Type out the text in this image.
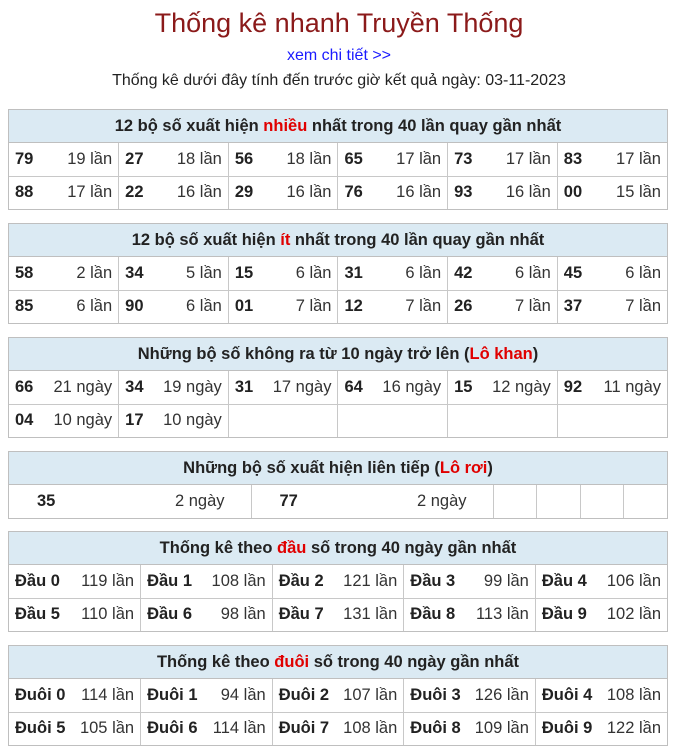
Thống kê nhanh Truyền Thống
xem chi tiết >>
Thống kê dưới đây tính đến trước giờ kết quả ngày: 03-11-2023
12 bộ số xuất hiện nhiều nhất trong 40 lần quay gần nhất
79 19 lần	27 18 lần	56 18 lần	65 17 lần	73 17 lần	83 17 lần

88 17 lần	22 16 lần	29 16 lần	76 16 lần	93 16 lần	00 15 lần
12 bộ số xuất hiện ít nhất trong 40 lần quay gần nhất
58 2 lần	34 5 lần	15 6 lần	31 6 lần	42 6 lần	45 6 lần

85 6 lần	90 6 lần	01 7 lần	12 7 lần	26 7 lần	37 7 lần
Những bộ số không ra từ 10 ngày trở lên (Lô khan)
66 21 ngày	34 19 ngày	31 17 ngày	64 16 ngày	15 12 ngày	92 11 ngày

04 10 ngày	17 10 ngày				

Những bộ số xuất hiện liên tiếp (Lô rơi)
35	2 ngày	77	2 ngày

Thống kê theo đầu số trong 40 ngày gần nhất
Đầu 0 119 lần	Đầu 1 108 lần	Đầu 2 121 lần	Đầu 3 99 lần	Đầu 4 106 lần

Đầu 5 110 lần	Đầu 6 98 lần	Đầu 7 131 lần	Đầu 8 113 lần	Đầu 9 102 lần
Thống kê theo đuôi số trong 40 ngày gần nhất
Đuôi 0 114 lần	Đuôi 1 94 lần	Đuôi 2 107 lần	Đuôi 3 126 lần	Đuôi 4 108 lần

Đuôi 5 105 lần	Đuôi 6 114 lần	Đuôi 7 108 lần	Đuôi 8 109 lần	Đuôi 9 122 lần
